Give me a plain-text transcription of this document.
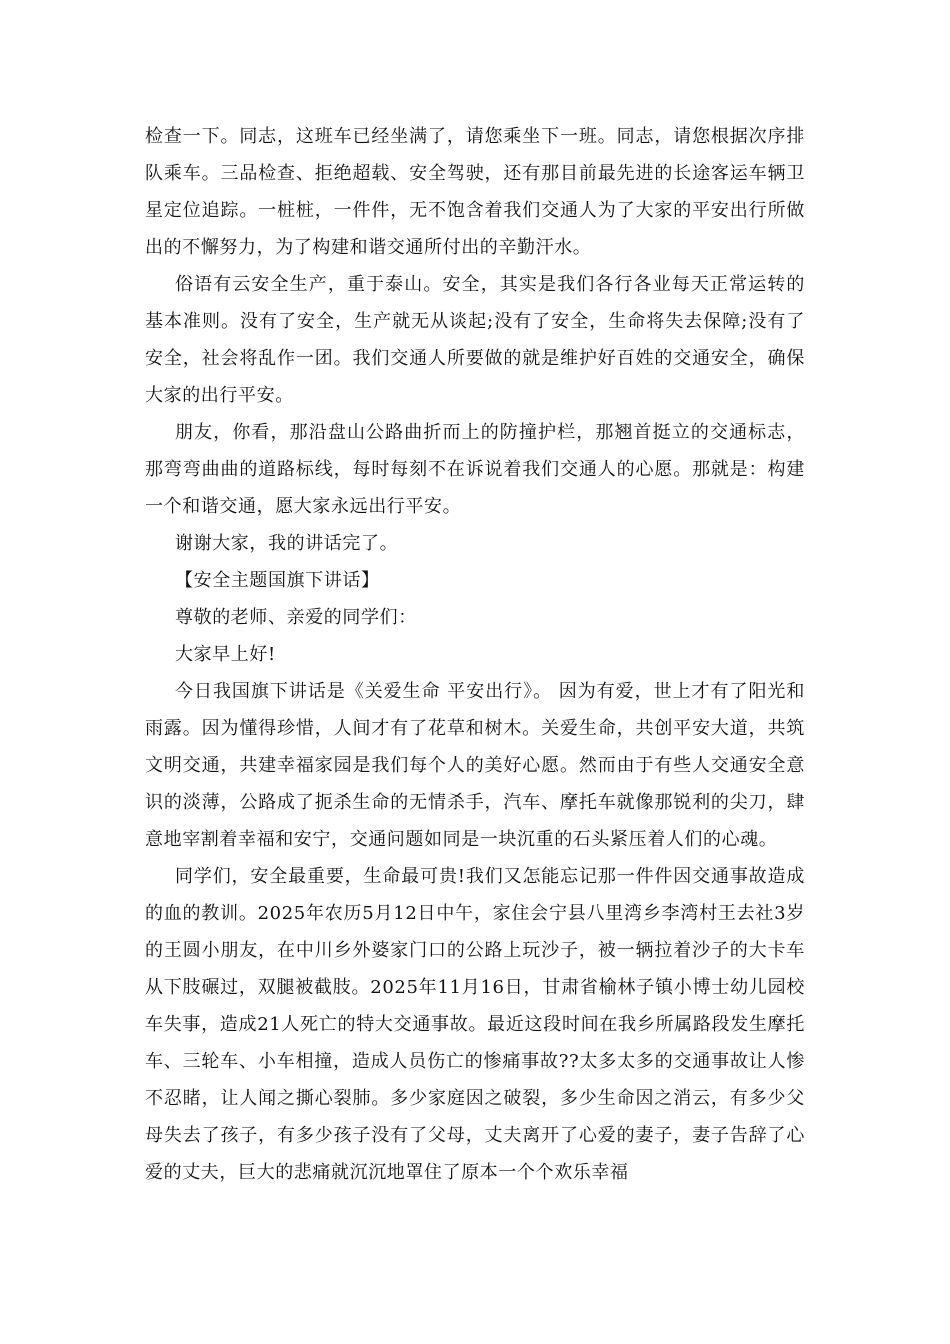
检查一下。同志，这班车已经坐满了，请您乘坐下一班。同志，请您根据次序排队乘车。三品检查、拒绝超载、安全驾驶，还有那目前最先进的长途客运车辆卫星定位追踪。一桩桩，一件件，无不饱含着我们交通人为了大家的平安出行所做出的不懈努力，为了构建和谐交通所付出的辛勤汗水。

俗语有云安全生产，重于泰山。安全，其实是我们各行各业每天正常运转的基本准则。没有了安全，生产就无从谈起;没有了安全，生命将失去保障;没有了安全，社会将乱作一团。我们交通人所要做的就是维护好百姓的交通安全，确保大家的出行平安。

朋友，你看，那沿盘山公路曲折而上的防撞护栏，那翘首挺立的交通标志，那弯弯曲曲的道路标线，每时每刻不在诉说着我们交通人的心愿。那就是：构建一个和谐交通，愿大家永远出行平安。

谢谢大家，我的讲话完了。

【安全主题国旗下讲话】

尊敬的老师、亲爱的同学们：

大家早上好!

今日我国旗下讲话是《关爱生命 平安出行》。 因为有爱，世上才有了阳光和雨露。因为懂得珍惜，人间才有了花草和树木。关爱生命，共创平安大道，共筑文明交通，共建幸福家园是我们每个人的美好心愿。然而由于有些人交通安全意识的淡薄，公路成了扼杀生命的无情杀手，汽车、摩托车就像那锐利的尖刀，肆意地宰割着幸福和安宁，交通问题如同是一块沉重的石头紧压着人们的心魂。

同学们，安全最重要，生命最可贵!我们又怎能忘记那一件件因交通事故造成的血的教训。2025年农历5月12日中午，家住会宁县八里湾乡李湾村王去社3岁的王圆小朋友，在中川乡外婆家门口的公路上玩沙子，被一辆拉着沙子的大卡车从下肢碾过，双腿被截肢。2025年11月16日，甘肃省榆林子镇小博士幼儿园校车失事，造成21人死亡的特大交通事故。最近这段时间在我乡所属路段发生摩托车、三轮车、小车相撞，造成人员伤亡的惨痛事故??太多太多的交通事故让人惨不忍睹，让人闻之撕心裂肺。多少家庭因之破裂，多少生命因之消云，有多少父母失去了孩子，有多少孩子没有了父母，丈夫离开了心爱的妻子，妻子告辞了心爱的丈夫，巨大的悲痛就沉沉地罩住了原本一个个欢乐幸福
